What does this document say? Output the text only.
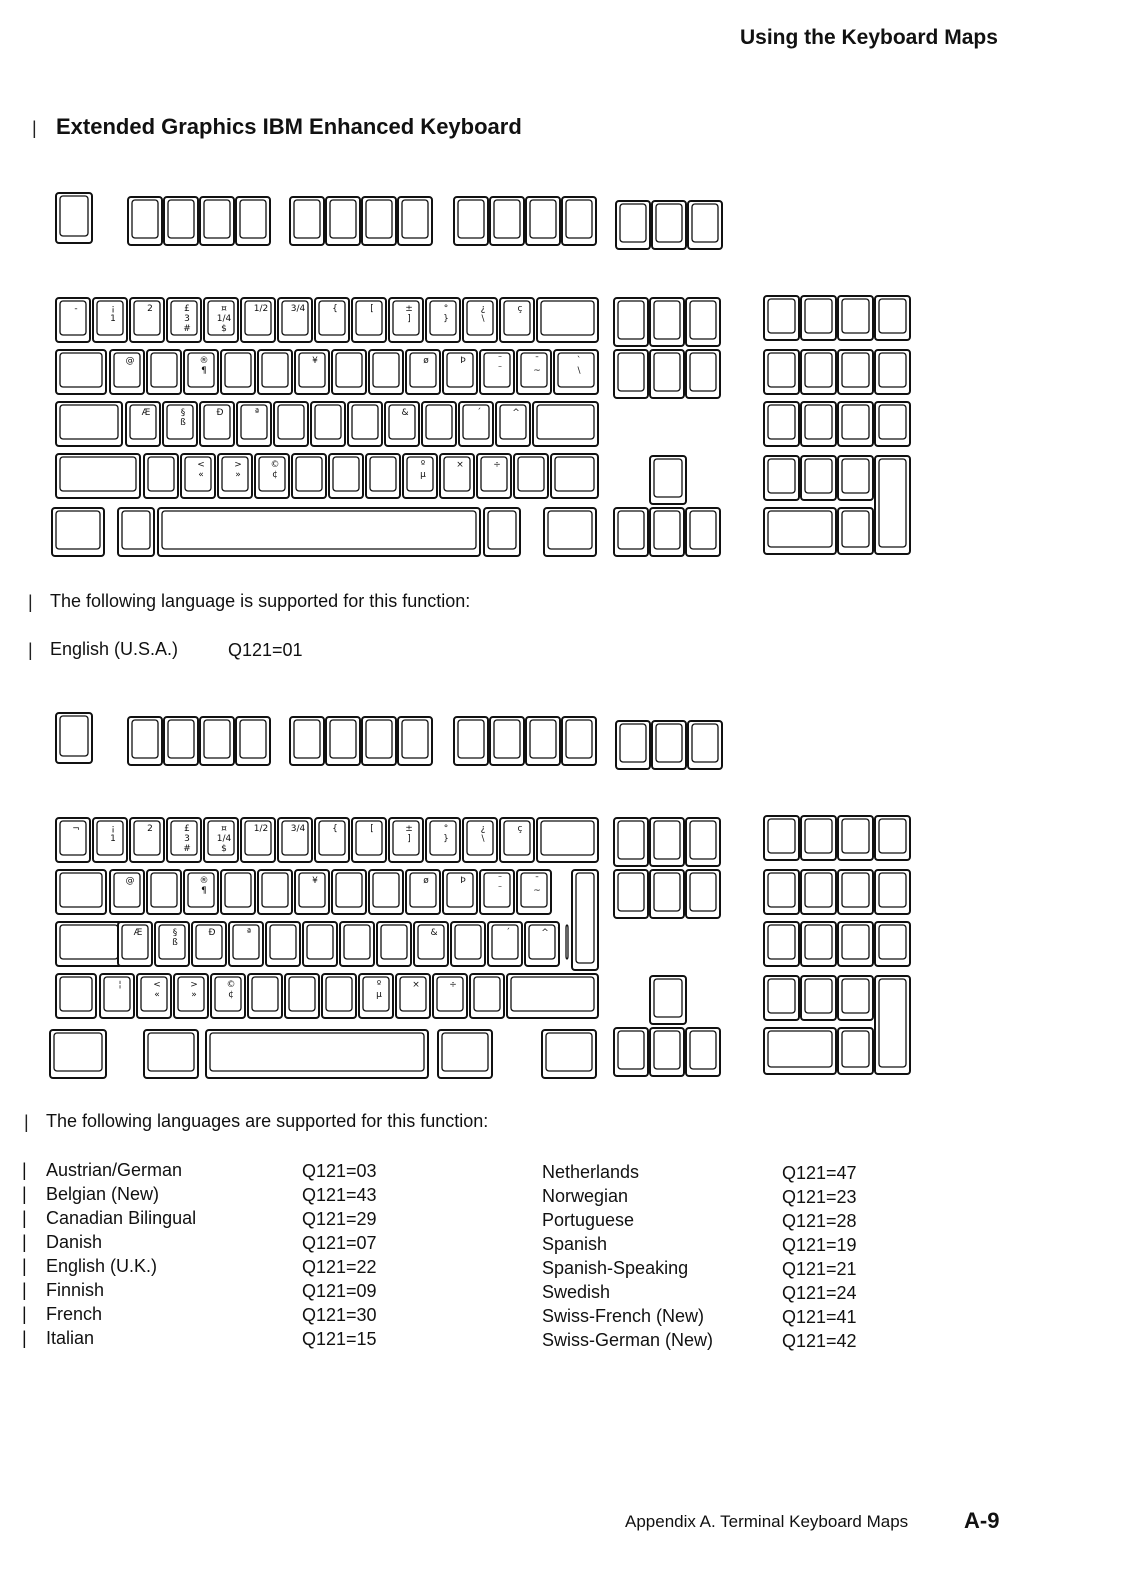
Using the Keyboard Maps
| Extended Graphics IBM Enhanced Keyboard
-	¡
1
2	£
3
#
¤
1/4
$
1/2	3/4	{	[	±
]
°
}
¿
\
ç
@	®
¶
¥	ø	Þ	¨
¨
¯
~
`
\
Æ	§
ß
Ð	ª	&	´	^
<
«
>
»
©
¢
º
µ
×	÷
¬	¡
1
2	£
3
#
¤
1/4
$
1/2	3/4	{	[	±
]
°
}
¿
\
ç
@	®
¶
¥	ø	Þ	¨
¨
¯
~
Æ	§
ß
Ð	ª	&	´	^ `
¦	<
«
>
»
©
¢
º
µ
×	÷
| The following language is supported for this function:
| English (U.S.A.)	Q121=01
| The following languages are supported for this function:
|
|
|
|
|
|
|
|
Austrian/German	Q121=03
Belgian (New)	Q121=43
Canadian Bilingual	Q121=29
Danish	Q121=07
English (U.K.)	Q121=22
Finnish	Q121=09
French	Q121=30
Italian	Q121=15
Netherlands	Q121=47
Norwegian	Q121=23
Portuguese	Q121=28
Spanish	Q121=19
Spanish-Speaking	Q121=21
Swedish	Q121=24
Swiss-French (New)	Q121=41
Swiss-German (New)	Q121=42
Appendix A. Terminal Keyboard Maps	A-9
